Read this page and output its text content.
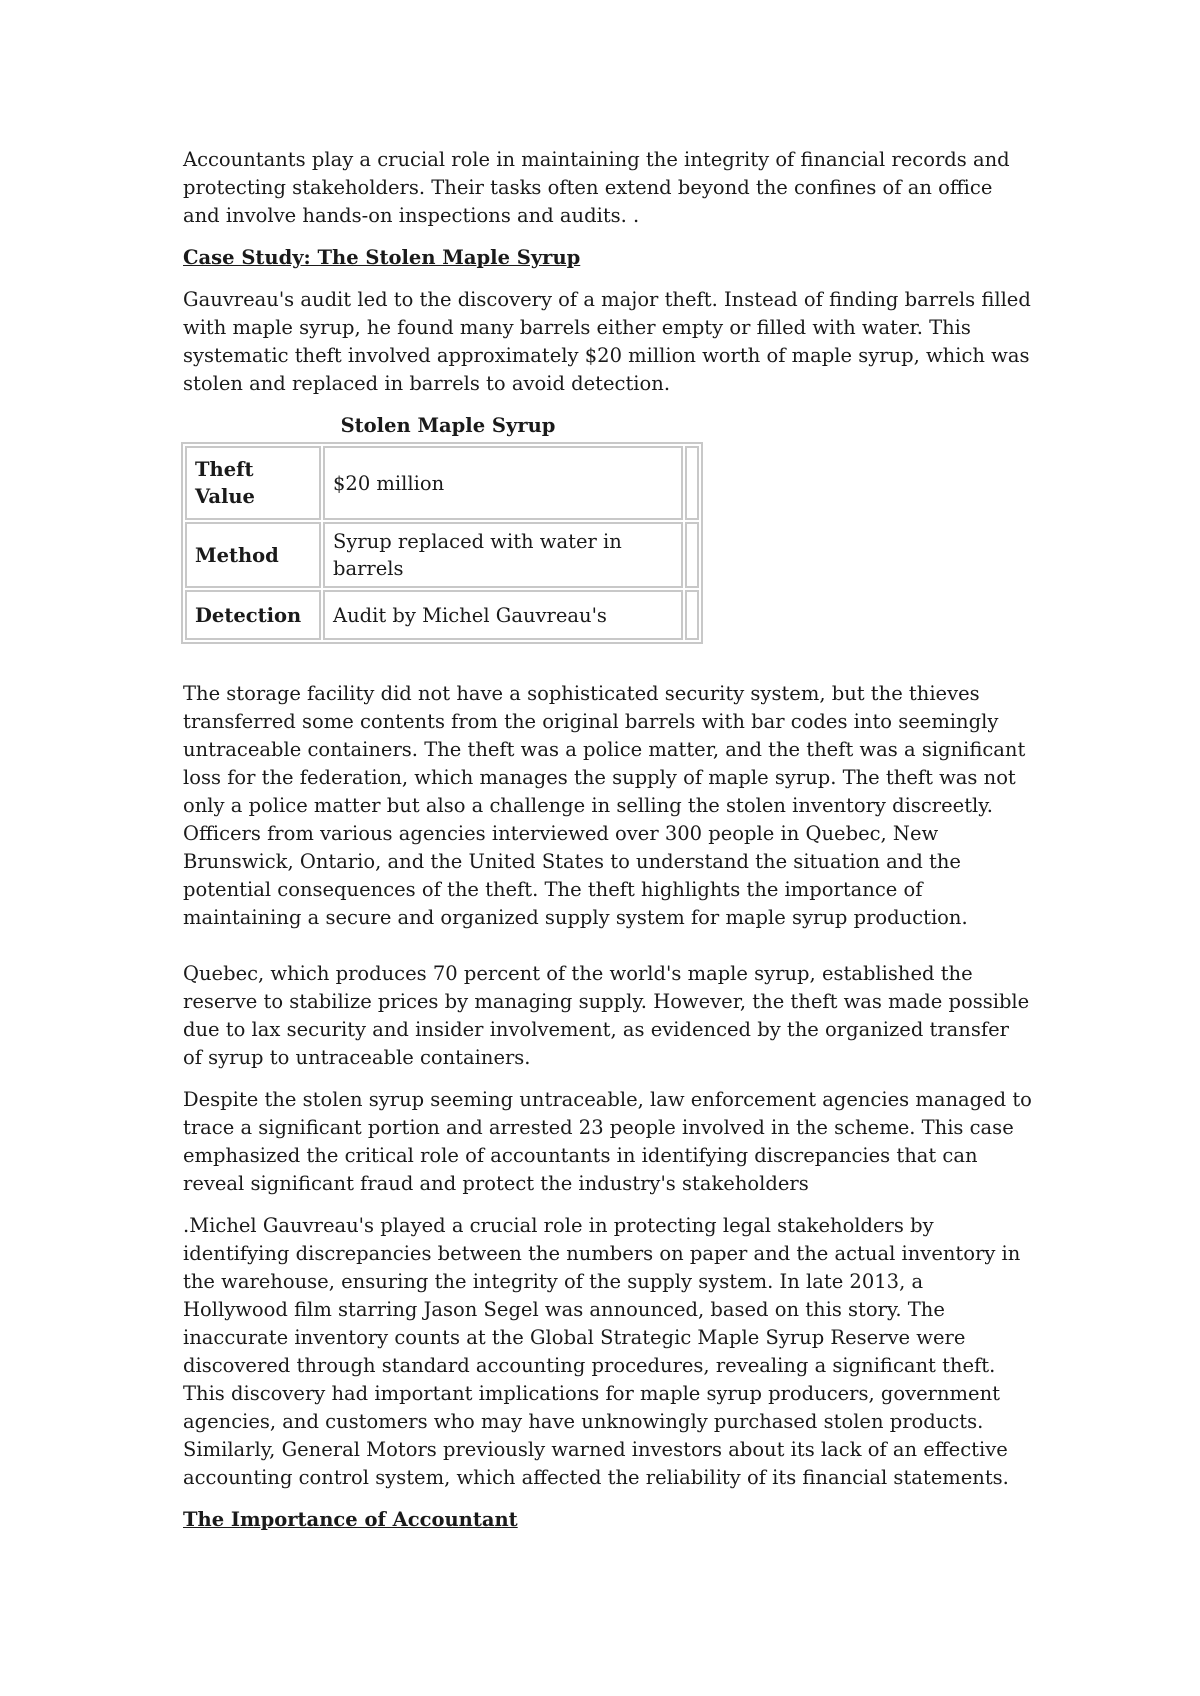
Accountants play a crucial role in maintaining the integrity of financial records and protecting stakeholders. Their tasks often extend beyond the confines of an office and involve hands-on inspections and audits. .

Case Study: The Stolen Maple Syrup

Gauvreau's audit led to the discovery of a major theft. Instead of finding barrels filled with maple syrup, he found many barrels either empty or filled with water. This systematic theft involved approximately $20 million worth of maple syrup, which was stolen and replaced in barrels to avoid detection.

Stolen Maple Syrup
Theft Value	$20 million	
Method	Syrup replaced with water in barrels	
Detection	Audit by Michel Gauvreau's	

The storage facility did not have a sophisticated security system, but the thieves transferred some contents from the original barrels with bar codes into seemingly untraceable containers. The theft was a police matter, and the theft was a significant loss for the federation, which manages the supply of maple syrup. The theft was not only a police matter but also a challenge in selling the stolen inventory discreetly. Officers from various agencies interviewed over 300 people in Quebec, New Brunswick, Ontario, and the United States to understand the situation and the potential consequences of the theft. The theft highlights the importance of maintaining a secure and organized supply system for maple syrup production.

Quebec, which produces 70 percent of the world's maple syrup, established the reserve to stabilize prices by managing supply. However, the theft was made possible due to lax security and insider involvement, as evidenced by the organized transfer of syrup to untraceable containers.

Despite the stolen syrup seeming untraceable, law enforcement agencies managed to trace a significant portion and arrested 23 people involved in the scheme. This case emphasized the critical role of accountants in identifying discrepancies that can reveal significant fraud and protect the industry's stakeholders

.Michel Gauvreau's played a crucial role in protecting legal stakeholders by identifying discrepancies between the numbers on paper and the actual inventory in the warehouse, ensuring the integrity of the supply system. In late 2013, a Hollywood film starring Jason Segel was announced, based on this story. The inaccurate inventory counts at the Global Strategic Maple Syrup Reserve were discovered through standard accounting procedures, revealing a significant theft. This discovery had important implications for maple syrup producers, government agencies, and customers who may have unknowingly purchased stolen products. Similarly, General Motors previously warned investors about its lack of an effective accounting control system, which affected the reliability of its financial statements.

The Importance of Accountant
